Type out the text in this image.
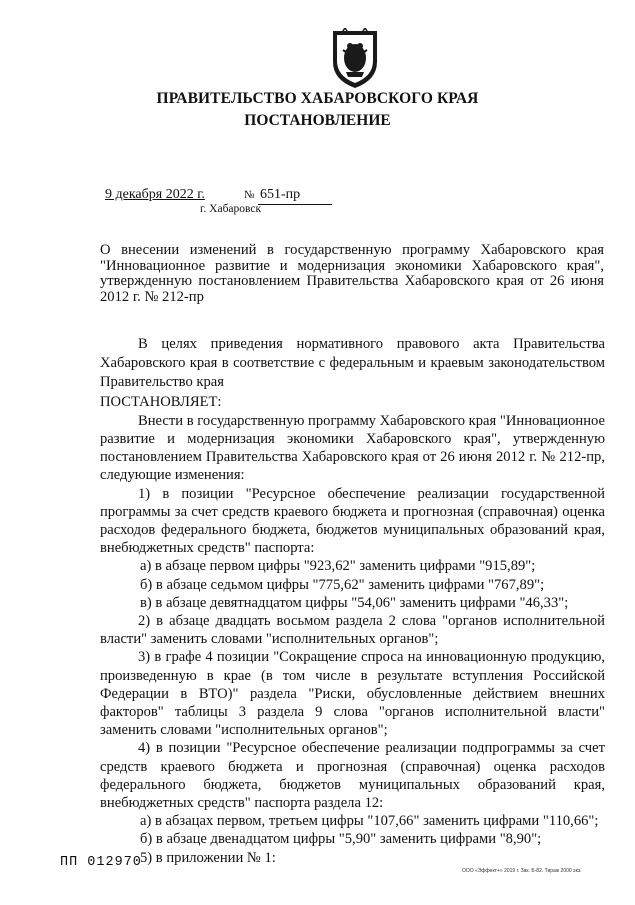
ПРАВИТЕЛЬСТВО ХАБАРОВСКОГО КРАЯ
ПОСТАНОВЛЕНИЕ
9 декабря 2022 г.	№ 651-пр
г. Хабаровск

О внесении изменений в государственную программу Хабаровского края "Инновационное развитие и модернизация экономики Хабаровского края", утвержденную постановлением Правительства Хабаровского края от 26 июня 2012 г. № 212-пр

В целях приведения нормативного правового акта Правительства Хабаровского края в соответствие с федеральным и краевым законодательством Правительство края

ПОСТАНОВЛЯЕТ:

Внести в государственную программу Хабаровского края "Инновационное развитие и модернизация экономики Хабаровского края", утвержденную постановлением Правительства Хабаровского края от 26 июня 2012 г. № 212-пр, следующие изменения:

1) в позиции "Ресурсное обеспечение реализации государственной программы за счет средств краевого бюджета и прогнозная (справочная) оценка расходов федерального бюджета, бюджетов муниципальных образований края, внебюджетных средств" паспорта:

а) в абзаце первом цифры "923,62" заменить цифрами "915,89";

б) в абзаце седьмом цифры "775,62" заменить цифрами "767,89";

в) в абзаце девятнадцатом цифры "54,06" заменить цифрами "46,33";

2) в абзаце двадцать восьмом раздела 2 слова "органов исполнительной власти" заменить словами "исполнительных органов";

3) в графе 4 позиции "Сокращение спроса на инновационную продукцию, произведенную в крае (в том числе в результате вступления Российской Федерации в ВТО)" раздела "Риски, обусловленные действием внешних факторов" таблицы 3 раздела 9 слова "органов исполнительной власти" заменить словами "исполнительных органов";

4) в позиции "Ресурсное обеспечение реализации подпрограммы за счет средств краевого бюджета и прогнозная (справочная) оценка расходов федерального бюджета, бюджетов муниципальных образований края, внебюджетных средств" паспорта раздела 12:

а) в абзацах первом, третьем цифры "107,66" заменить цифрами "110,66";

б) в абзаце двенадцатом цифры "5,90" заменить цифрами "8,90";

5) в приложении № 1:

ПП 012970
ООО «Эффект+» 2019 г. Зак. Б-82. Тираж 2000 экз.
